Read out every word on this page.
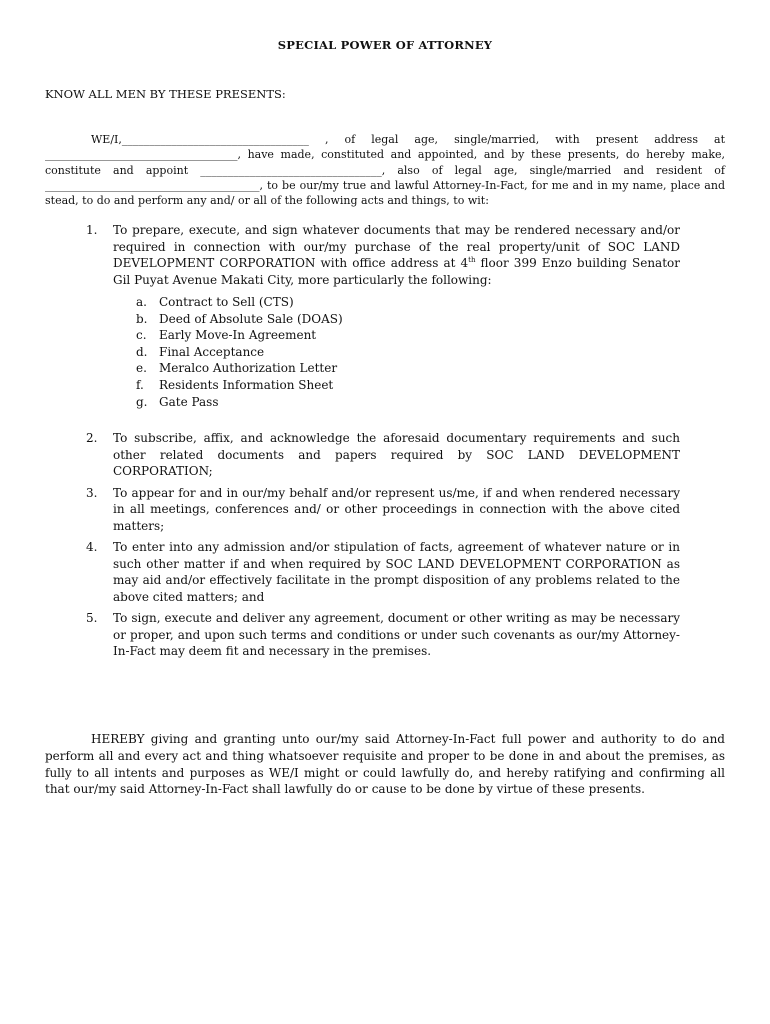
SPECIAL POWER OF ATTORNEY
KNOW ALL MEN BY THESE PRESENTS:

WE/I,__________________________________ , of legal age, single/married, with present address at ___________________________________, have made, constituted and appointed, and by these presents, do hereby make, constitute and appoint _________________________________, also of legal age, single/married and resident of _______________________________________, to be our/my true and lawful Attorney-In-Fact, for me and in my name, place and stead, to do and perform any and/ or all of the following acts and things, to wit:

1. To prepare, execute, and sign whatever documents that may be rendered necessary and/or required in connection with our/my purchase of the real property/unit of SOC LAND DEVELOPMENT CORPORATION with office address at 4th floor 399 Enzo building Senator Gil Puyat Avenue Makati City, more particularly the following:
a. Contract to Sell (CTS)
b. Deed of Absolute Sale (DOAS)
c. Early Move-In Agreement
d. Final Acceptance
e. Meralco Authorization Letter
f. Residents Information Sheet
g. Gate Pass
2. To subscribe, affix, and acknowledge the aforesaid documentary requirements and such other related documents and papers required by SOC LAND DEVELOPMENT CORPORATION;
3. To appear for and in our/my behalf and/or represent us/me, if and when rendered necessary in all meetings, conferences and/ or other proceedings in connection with the above cited matters;
4. To enter into any admission and/or stipulation of facts, agreement of whatever nature or in such other matter if and when required by SOC LAND DEVELOPMENT CORPORATION as may aid and/or effectively facilitate in the prompt disposition of any problems related to the above cited matters; and
5. To sign, execute and deliver any agreement, document or other writing as may be necessary or proper, and upon such terms and conditions or under such covenants as our/my Attorney-In-Fact may deem fit and necessary in the premises.

HEREBY giving and granting unto our/my said Attorney-In-Fact full power and authority to do and perform all and every act and thing whatsoever requisite and proper to be done in and about the premises, as fully to all intents and purposes as WE/I might or could lawfully do, and hereby ratifying and confirming all that our/my said Attorney-In-Fact shall lawfully do or cause to be done by virtue of these presents.
